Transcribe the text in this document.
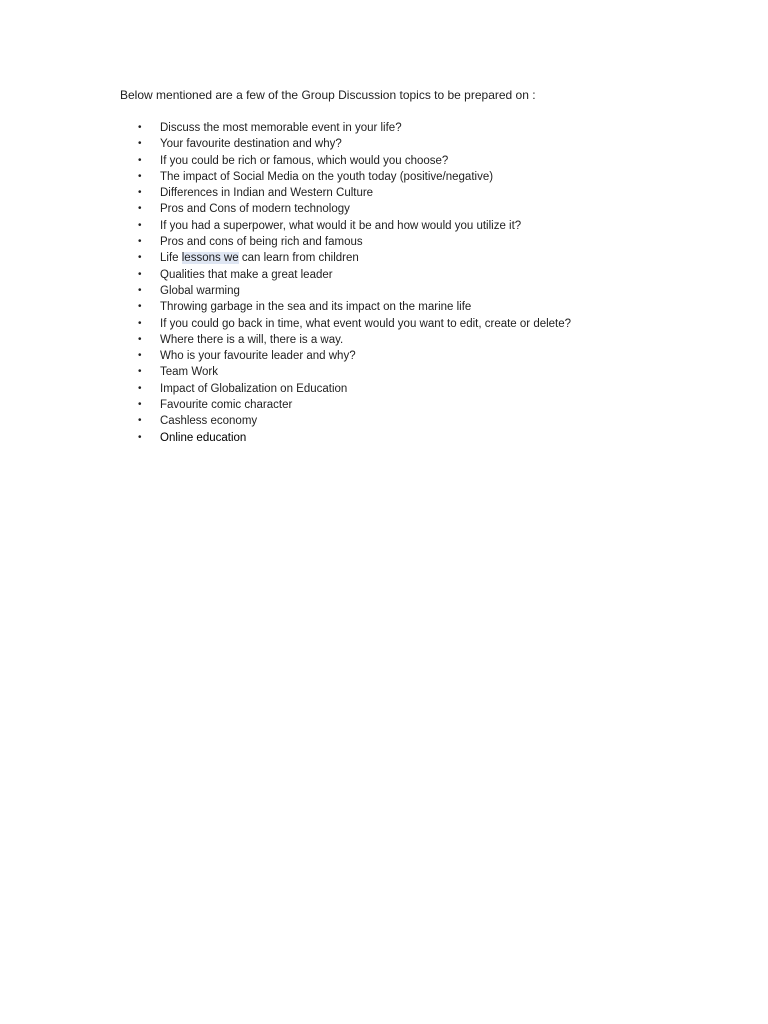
Below mentioned are a few of the Group Discussion topics to be prepared on :
•	Discuss the most memorable event in your life?
•	Your favourite destination and why?
•	If you could be rich or famous, which would you choose?
•	The impact of Social Media on the youth today (positive/negative)
•	Differences in Indian and Western Culture
•	Pros and Cons of modern technology
•	If you had a superpower, what would it be and how would you utilize it?
•	Pros and cons of being rich and famous
•	Life lessons we can learn from children
•	Qualities that make a great leader
•	Global warming
•	Throwing garbage in the sea and its impact on the marine life
•	If you could go back in time, what event would you want to edit, create or delete?
•	Where there is a will, there is a way.
•	Who is your favourite leader and why?
•	Team Work
•	Impact of Globalization on Education
•	Favourite comic character
•	Cashless economy
•	Online education
